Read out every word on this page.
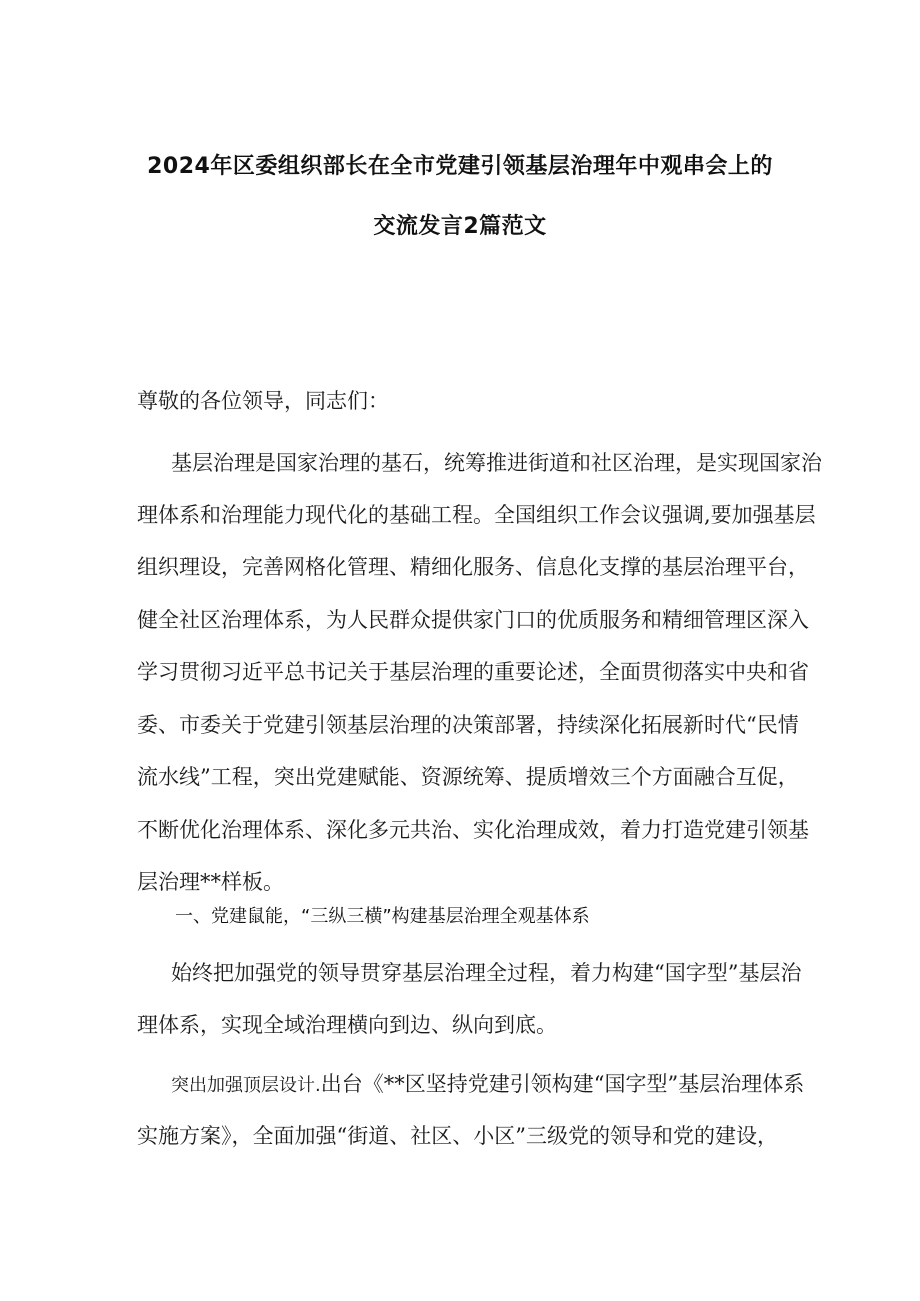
2024年区委组织部长在全市党建引领基层治理年中观串会上的
交流发言2篇范文
尊敬的各位领导，同志们：
基层治理是国家治理的基石，统筹推进街道和社区治理，是实现国家治
理体系和治理能力现代化的基础工程。全国组织工作会议强调,要加强基层
组织理设，完善网格化管理、精细化服务、信息化支撑的基层治理平台，
健全社区治理体系，为人民群众提供家门口的优质服务和精细管理区深入
学习贯彻习近平总书记关于基层治理的重要论述，全面贯彻落实中央和省
委、市委关于党建引领基层治理的决策部署，持续深化拓展新时代“民情
流水线”工程，突出党建赋能、资源统筹、提质增效三个方面融合互促，
不断优化治理体系、深化多元共治、实化治理成效，着力打造党建引领基
层治理**样板。
一、党建鼠能，“三纵三横”构建基层治理全观基体系
始终把加强党的领导贯穿基层治理全过程，着力构建“国字型”基层治
理体系，实现全域治理横向到边、纵向到底。
突出加强顶层设计.出台《**区坚持党建引领构建“国字型”基层治理体系
实施方案》，全面加强“街道、社区、小区”三级党的领导和党的建设，
